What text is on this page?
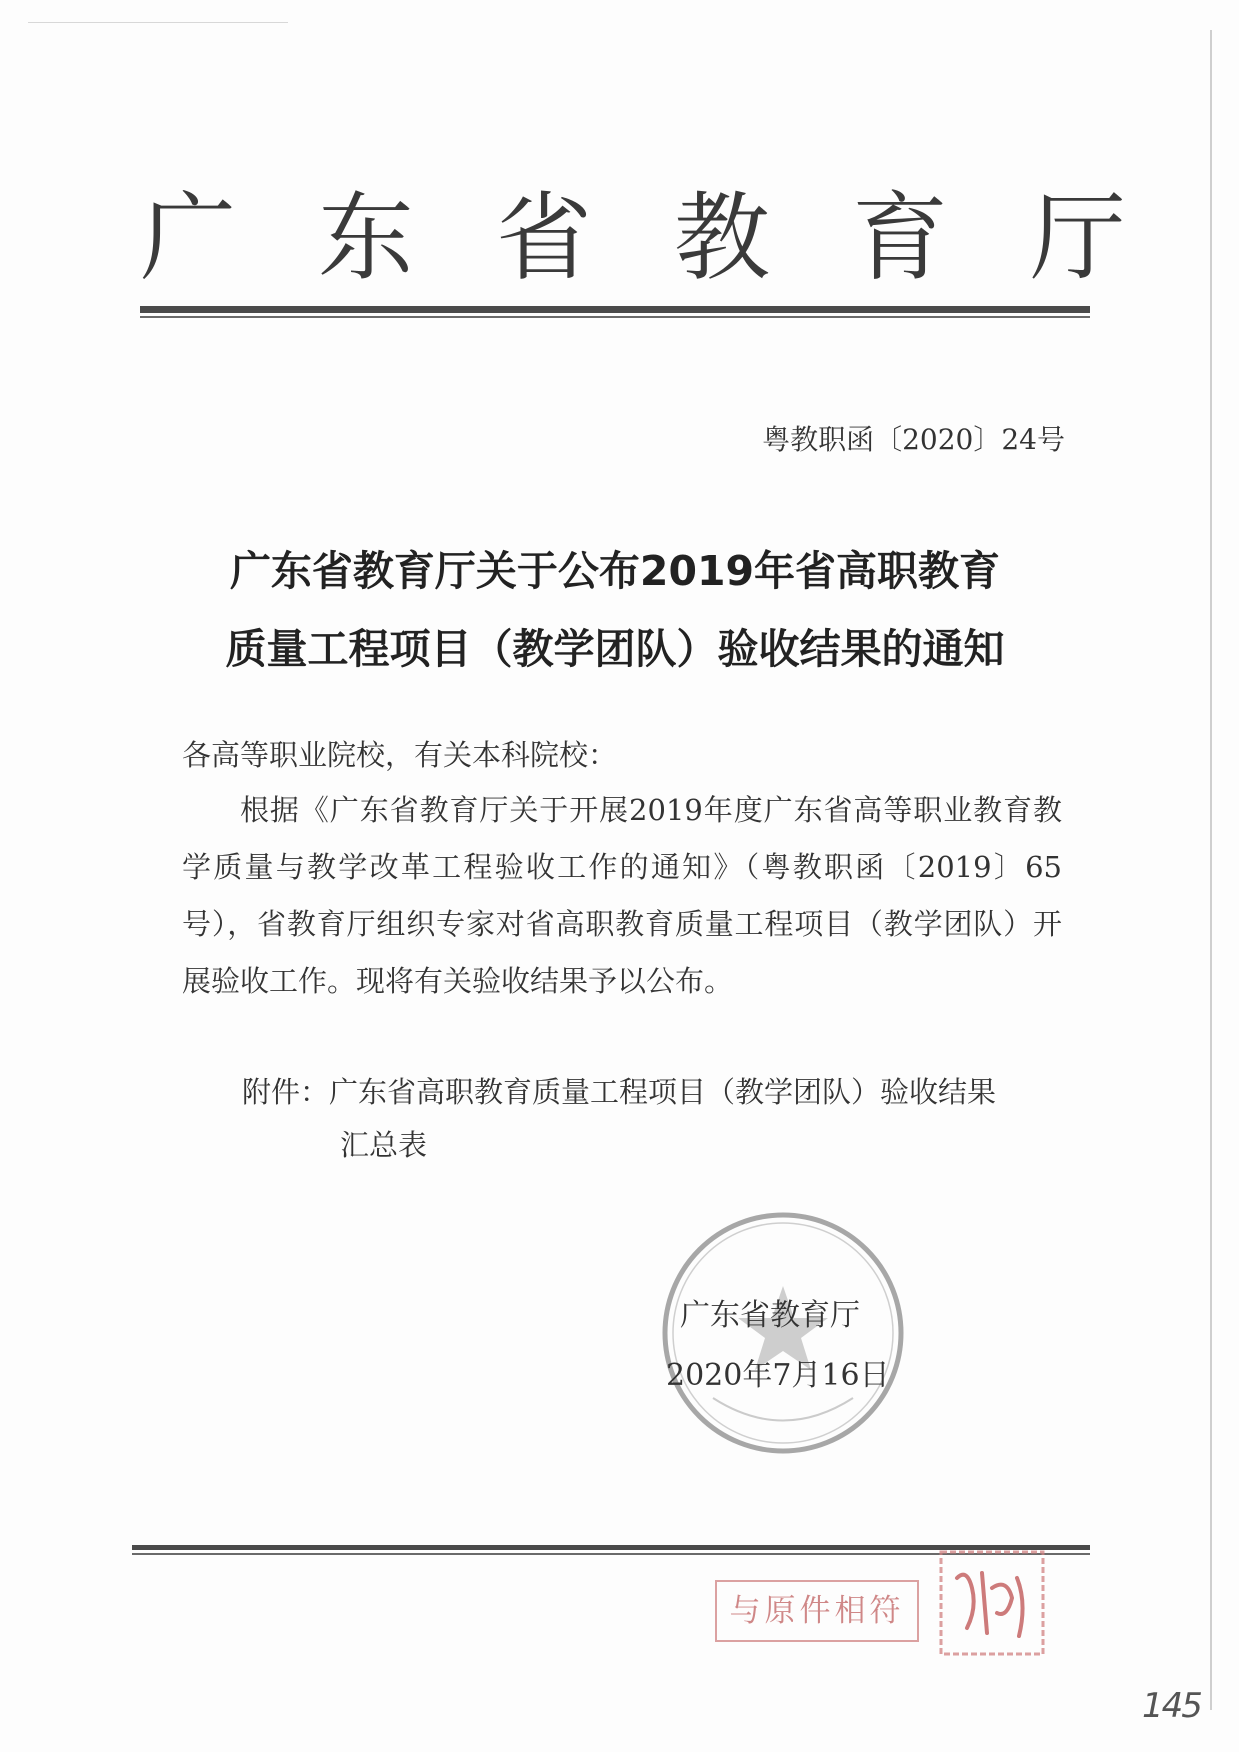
广东省教育厅
粤教职函〔2020〕24号
广东省教育厅关于公布2019年省高职教育
质量工程项目（教学团队）验收结果的通知
各高等职业院校，有关本科院校：
根据《广东省教育厅关于开展2019年度广东省高等职业教育教学质量与教学改革工程验收工作的通知》（粤教职函〔2019〕65号），省教育厅组织专家对省高职教育质量工程项目（教学团队）开展验收工作。现将有关验收结果予以公布。
附件：广东省高职教育质量工程项目（教学团队）验收结果
汇总表
广东省教育厅
2020年7月16日
与原件相符
145
